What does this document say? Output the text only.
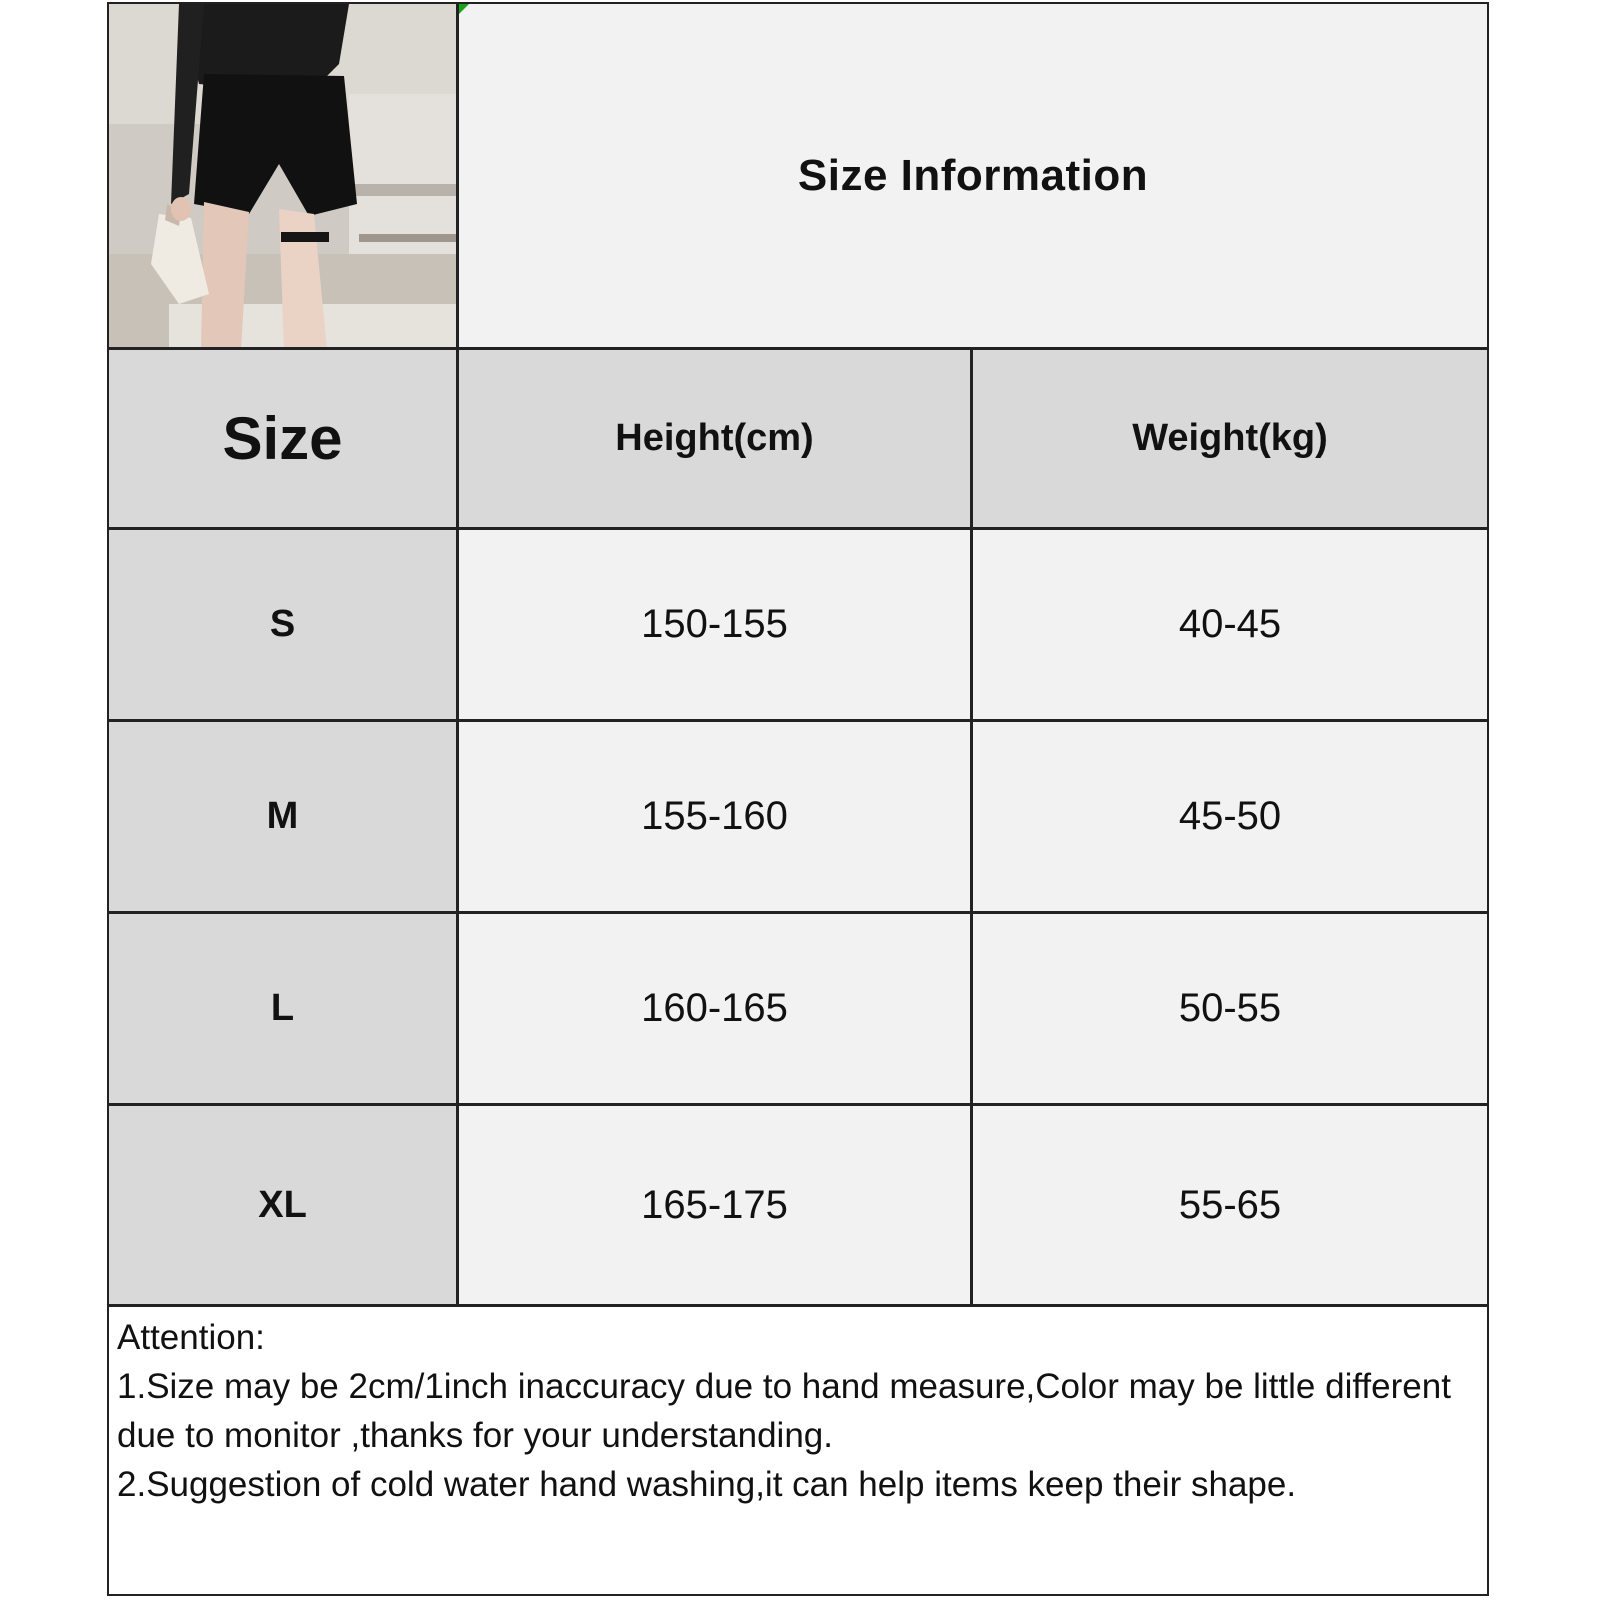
Size Information
Size	Height(cm)	Weight(kg)
S	150-155	40-45
M	155-160	45-50
L	160-165	50-55
XL	165-175	55-65

Attention:

1.Size may be 2cm/1inch inaccuracy due to hand measure,Color may be little different due to monitor ,thanks for your understanding.

2.Suggestion of cold water hand washing,it can help items keep their shape.
